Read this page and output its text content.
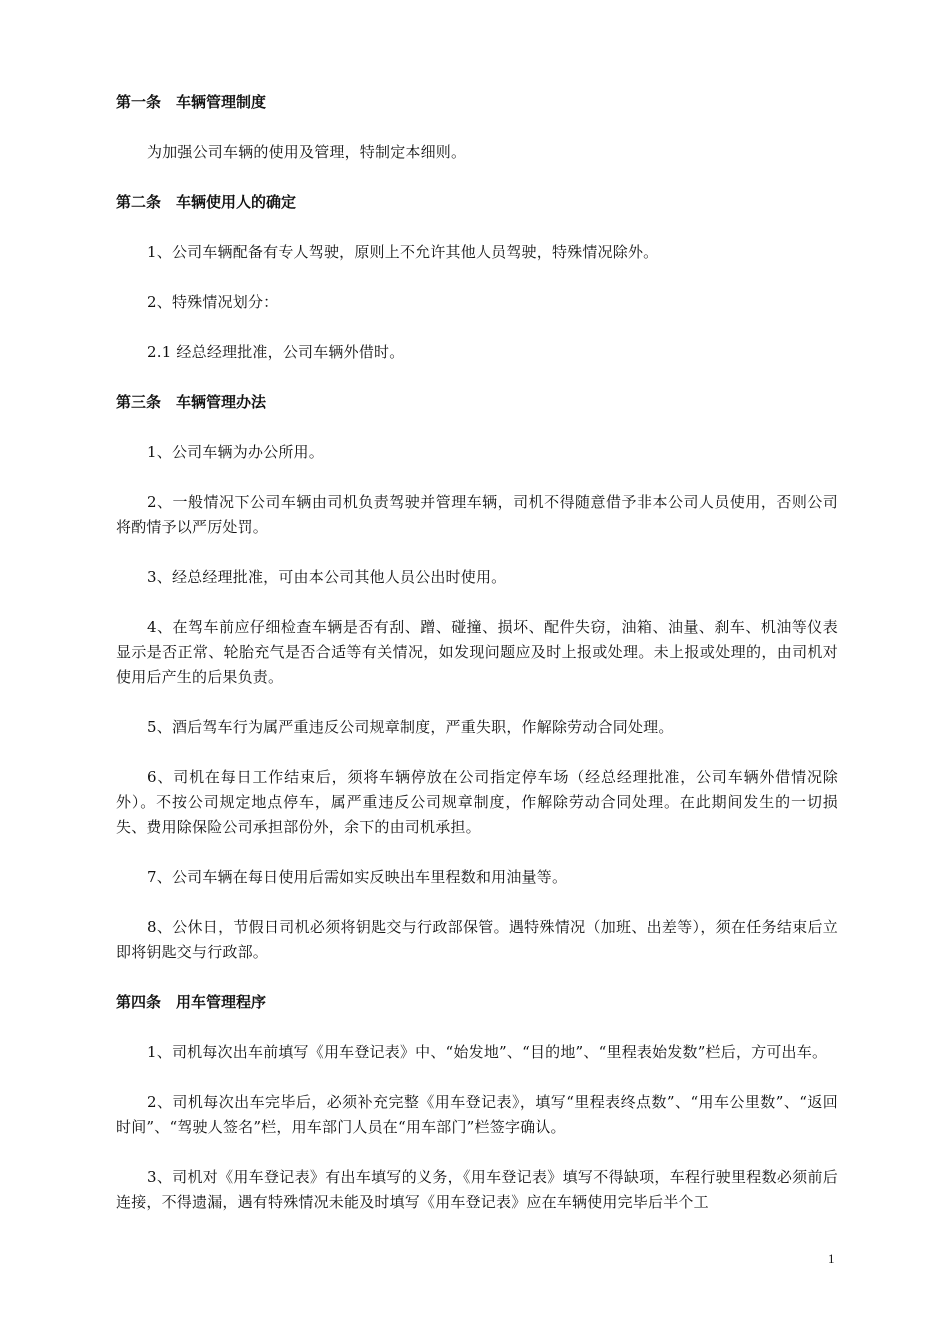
第一条　车辆管理制度

为加强公司车辆的使用及管理，特制定本细则。

第二条　车辆使用人的确定

1、公司车辆配备有专人驾驶，原则上不允许其他人员驾驶，特殊情况除外。

2、特殊情况划分：

2.1 经总经理批准，公司车辆外借时。

第三条　车辆管理办法

1、公司车辆为办公所用。

2、一般情况下公司车辆由司机负责驾驶并管理车辆，司机不得随意借予非本公司人员使用，否则公司将酌情予以严厉处罚。

3、经总经理批准，可由本公司其他人员公出时使用。

4、在驾车前应仔细检查车辆是否有刮、蹭、碰撞、损坏、配件失窃，油箱、油量、刹车、机油等仪表显示是否正常、轮胎充气是否合适等有关情况，如发现问题应及时上报或处理。未上报或处理的，由司机对使用后产生的后果负责。

5、酒后驾车行为属严重违反公司规章制度，严重失职，作解除劳动合同处理。

6、司机在每日工作结束后，须将车辆停放在公司指定停车场（经总经理批准，公司车辆外借情况除外）。不按公司规定地点停车，属严重违反公司规章制度，作解除劳动合同处理。在此期间发生的一切损失、费用除保险公司承担部份外，余下的由司机承担。

7、公司车辆在每日使用后需如实反映出车里程数和用油量等。

8、公休日，节假日司机必须将钥匙交与行政部保管。遇特殊情况（加班、出差等），须在任务结束后立即将钥匙交与行政部。

第四条　用车管理程序

1、司机每次出车前填写《用车登记表》中、“始发地”、“目的地”、“里程表始发数”栏后，方可出车。

2、司机每次出车完毕后，必须补充完整《用车登记表》，填写“里程表终点数”、“用车公里数”、“返回时间”、“驾驶人签名”栏，用车部门人员在“用车部门”栏签字确认。

3、司机对《用车登记表》有出车填写的义务，《用车登记表》填写不得缺项，车程行驶里程数必须前后连接，不得遗漏，遇有特殊情况未能及时填写《用车登记表》应在车辆使用完毕后半个工

1
